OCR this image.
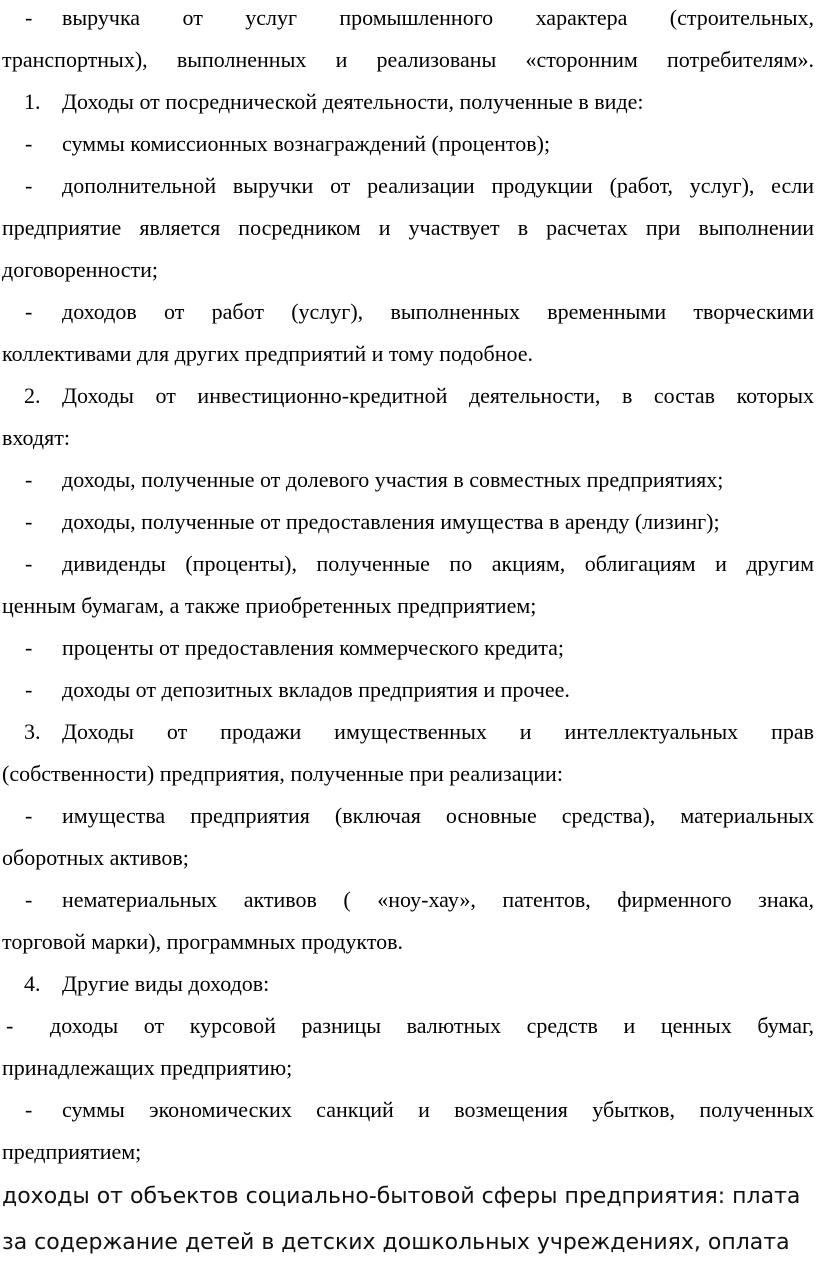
- выручка от услуг промышленного характера (строительных,
транспортных), выполненных и реализованы «сторонним потребителям».
1. Доходы от посреднической деятельности, полученные в виде:
- суммы комиссионных вознаграждений (процентов);
- дополнительной выручки от реализации продукции (работ, услуг), если
предприятие является посредником и участвует в расчетах при выполнении
договоренности;
- доходов от работ (услуг), выполненных временными творческими
коллективами для других предприятий и тому подобное.
2. Доходы от инвестиционно-кредитной деятельности, в состав которых
входят:
- доходы, полученные от долевого участия в совместных предприятиях;
- доходы, полученные от предоставления имущества в аренду (лизинг);
- дивиденды (проценты), полученные по акциям, облигациям и другим
ценным бумагам, а также приобретенных предприятием;
- проценты от предоставления коммерческого кредита;
- доходы от депозитных вкладов предприятия и прочее.
3. Доходы от продажи имущественных и интеллектуальных прав
(собственности) предприятия, полученные при реализации:
- имущества предприятия (включая основные средства), материальных
оборотных активов;
- нематериальных активов ( «ноу-хау», патентов, фирменного знака,
торговой марки), программных продуктов.
4. Другие виды доходов:
- доходы от курсовой разницы валютных средств и ценных бумаг,
принадлежащих предприятию;
- суммы экономических санкций и возмещения убытков, полученных
предприятием;
доходы от объектов социально-бытовой сферы предприятия: плата
за содержание детей в детских дошкольных учреждениях, оплата
